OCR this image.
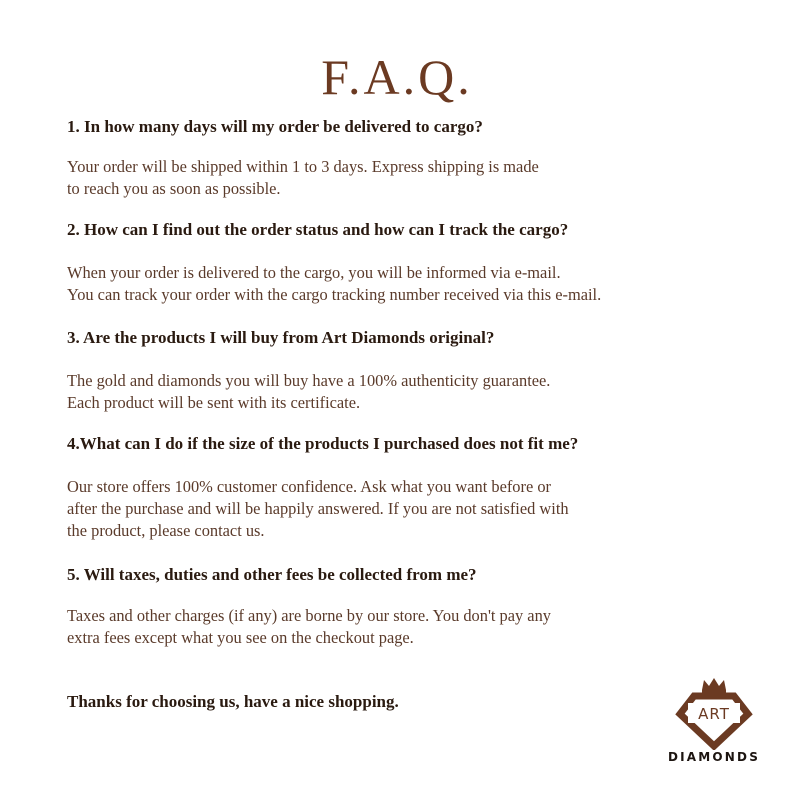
F.A.Q.

1. In how many days will my order be delivered to cargo?

Your order will be shipped within 1 to 3 days. Express shipping is made
to reach you as soon as possible.

2. How can I find out the order status and how can I track the cargo?

When your order is delivered to the cargo, you will be informed via e-mail.
You can track your order with the cargo tracking number received via this e-mail.

3. Are the products I will buy from Art Diamonds original?

The gold and diamonds you will buy have a 100% authenticity guarantee.
Each product will be sent with its certificate.

4.What can I do if the size of the products I purchased does not fit me?

Our store offers 100% customer confidence. Ask what you want before or
after the purchase and will be happily answered. If you are not satisfied with
the product, please contact us.

5. Will taxes, duties and other fees be collected from me?

Taxes and other charges (if any) are borne by our store. You don't pay any
extra fees except what you see on the checkout page.

Thanks for choosing us, have a nice shopping.

ART
DIAMONDS
